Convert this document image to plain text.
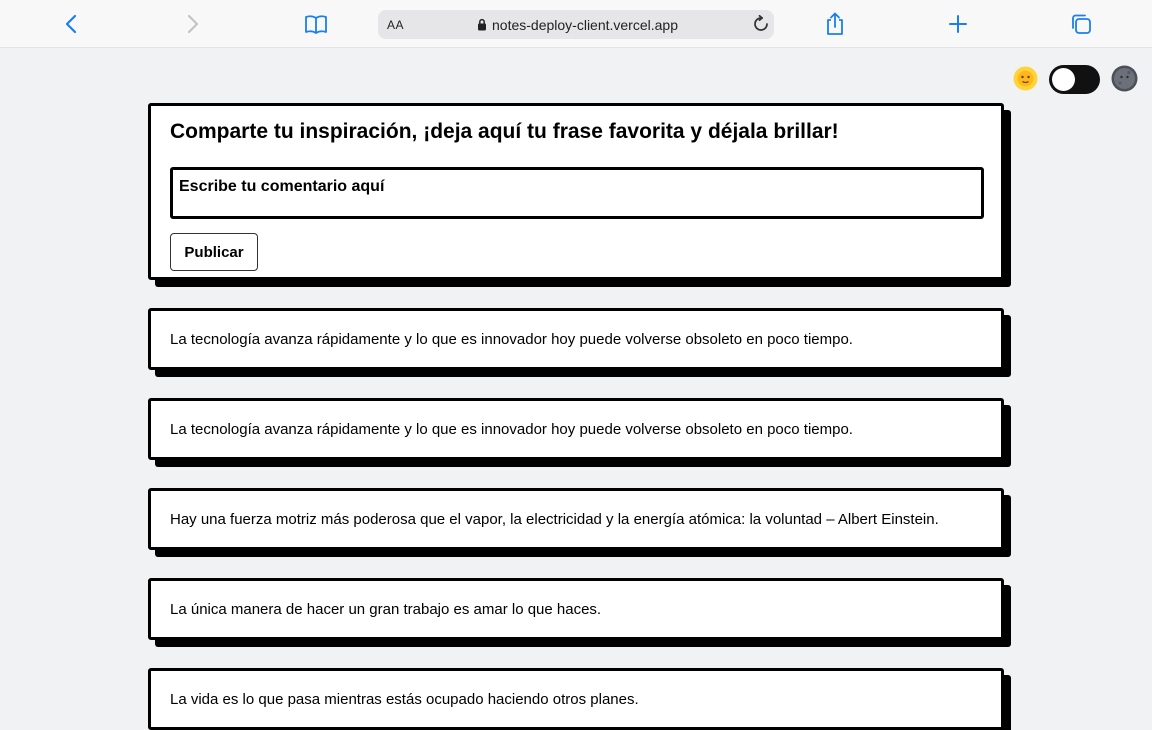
AA	notes-deploy-client.vercel.app
Comparte tu inspiración, ¡deja aquí tu frase favorita y déjala brillar!
Escribe tu comentario aquí
Publicar

La tecnología avanza rápidamente y lo que es innovador hoy puede volverse obsoleto en poco tiempo.

La tecnología avanza rápidamente y lo que es innovador hoy puede volverse obsoleto en poco tiempo.

Hay una fuerza motriz más poderosa que el vapor, la electricidad y la energía atómica: la voluntad – Albert Einstein.

La única manera de hacer un gran trabajo es amar lo que haces.

La vida es lo que pasa mientras estás ocupado haciendo otros planes.
